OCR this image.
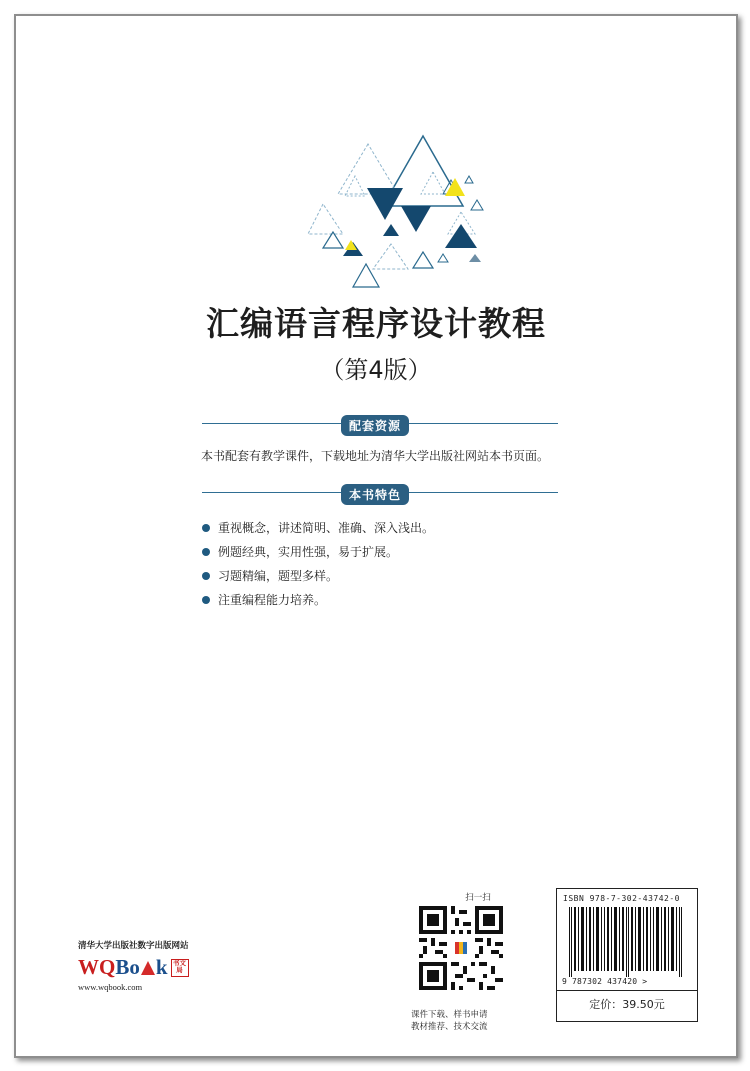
汇编语言程序设计教程
（第4版）
配套资源
本书配套有教学课件，下载地址为清华大学出版社网站本书页面。
本书特色
重视概念，讲述简明、准确、深入浅出。
例题经典，实用性强，易于扩展。
习题精编，题型多样。
注重编程能力培养。
清华大学出版社数字出版网站
WQ Bo k 书文局
www.wqbook.com
扫一扫
课件下载、样书申请
教材推荐、技术交流
ISBN 978-7-302-43742-0
9 787302 437420 >
定价：39.50元
